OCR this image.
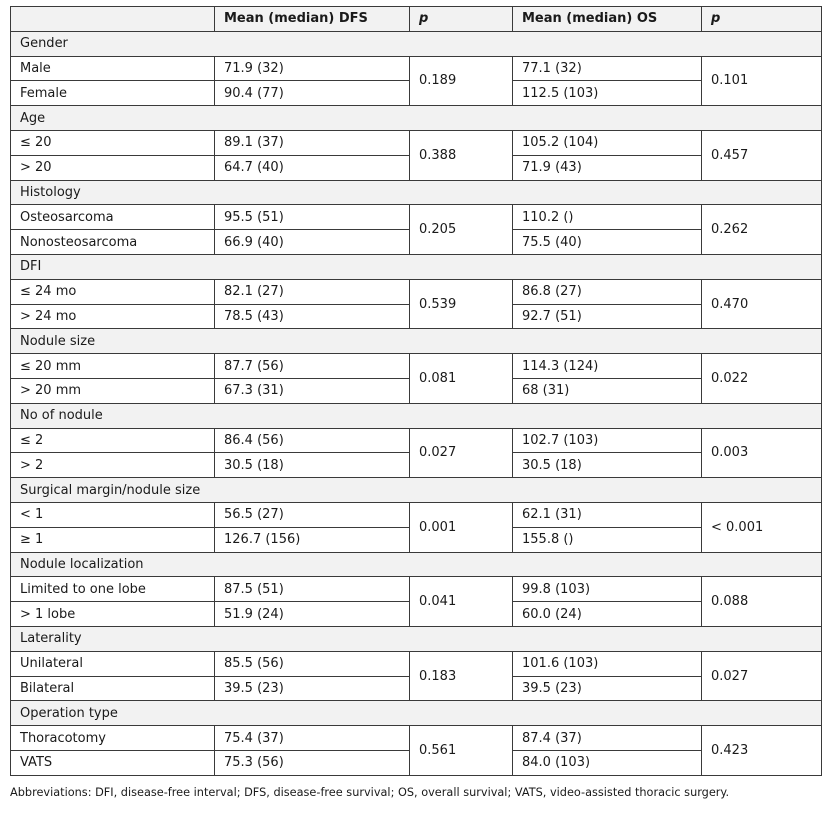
	Mean (median) DFS	p	Mean (median) OS	p
Gender				
Male	71.9 (32)	0.189	77.1 (32)	0.101
Female	90.4 (77)		112.5 (103)	
Age				
≤ 20	89.1 (37)	0.388	105.2 (104)	0.457
> 20	64.7 (40)		71.9 (43)	
Histology				
Osteosarcoma	95.5 (51)	0.205	110.2 ()	0.262
Nonosteosarcoma	66.9 (40)		75.5 (40)	
DFI				
≤ 24 mo	82.1 (27)	0.539	86.8 (27)	0.470
> 24 mo	78.5 (43)		92.7 (51)	
Nodule size				
≤ 20 mm	87.7 (56)	0.081	114.3 (124)	0.022
> 20 mm	67.3 (31)		68 (31)	
No of nodule				
≤ 2	86.4 (56)	0.027	102.7 (103)	0.003
> 2	30.5 (18)		30.5 (18)	
Surgical margin/nodule size				
< 1	56.5 (27)	0.001	62.1 (31)	< 0.001
≥ 1	126.7 (156)		155.8 ()	
Nodule localization				
Limited to one lobe	87.5 (51)	0.041	99.8 (103)	0.088
> 1 lobe	51.9 (24)		60.0 (24)	
Laterality				
Unilateral	85.5 (56)	0.183	101.6 (103)	0.027
Bilateral	39.5 (23)		39.5 (23)	
Operation type				
Thoracotomy	75.4 (37)	0.561	87.4 (37)	0.423
VATS	75.3 (56)		84.0 (103)	
Abbreviations: DFI, disease-free interval; DFS, disease-free survival; OS, overall survival; VATS, video-assisted thoracic surgery.
